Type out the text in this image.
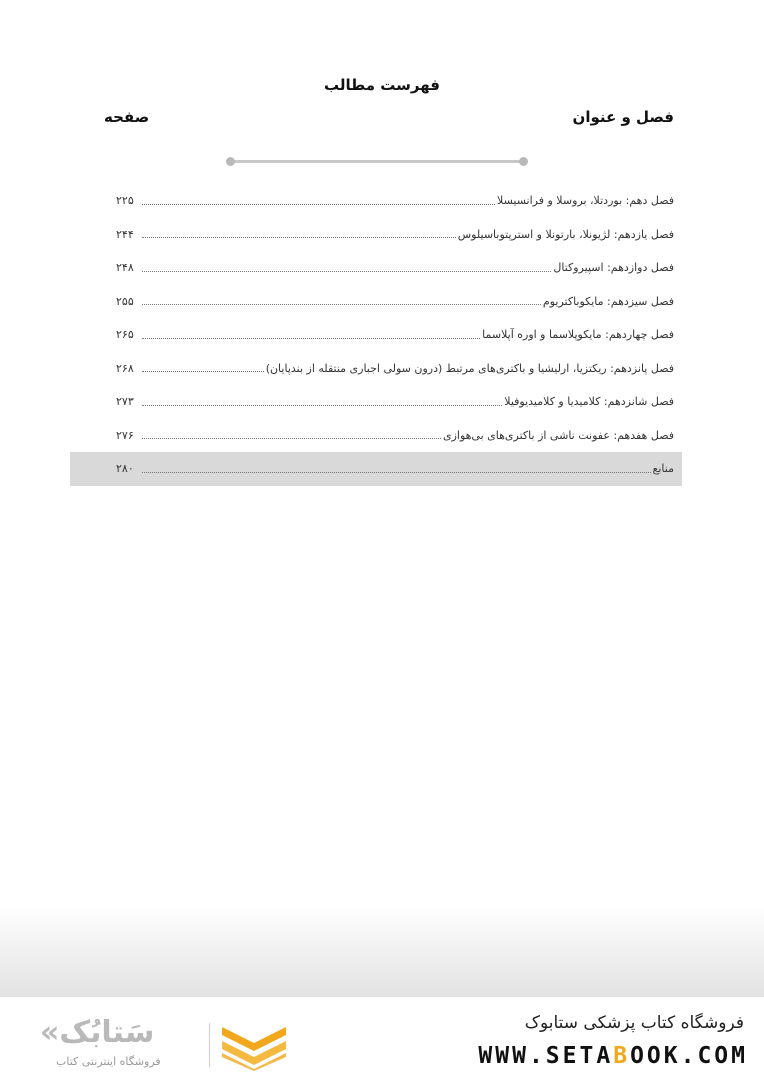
فهرست مطالب
فصل و عنوان
صفحه
فصل دهم: بوردتلا، بروسلا و فرانسیسلا
۲۲۵
فصل یازدهم: لژیونلا، بارتونلا و استرپتوباسیلوس
۲۴۴
فصل دوازدهم: اسپیروکتال
۲۴۸
فصل سیزدهم: مایکوباکتریوم
۲۵۵
فصل چهاردهم: مایکوپلاسما و اوره آپلاسما
۲۶۵
فصل پانزدهم: ریکتزیا، ارلیشیا و باکتری‌های مرتبط (درون سولی اجباری منتقله از بندپایان)
۲۶۸
فصل شانزدهم: کلامیدیا و کلامیدیوفیلا
۲۷۳
فصل هفدهم: عفونت ناشی از باکتری‌های بی‌هوازی
۲۷۶
منابع
۲۸۰
«سَتابُک
فروشگاه اینترنتی کتاب
فروشگاه کتاب پزشکی ستابوک
WWW.SETABOOK.COM
